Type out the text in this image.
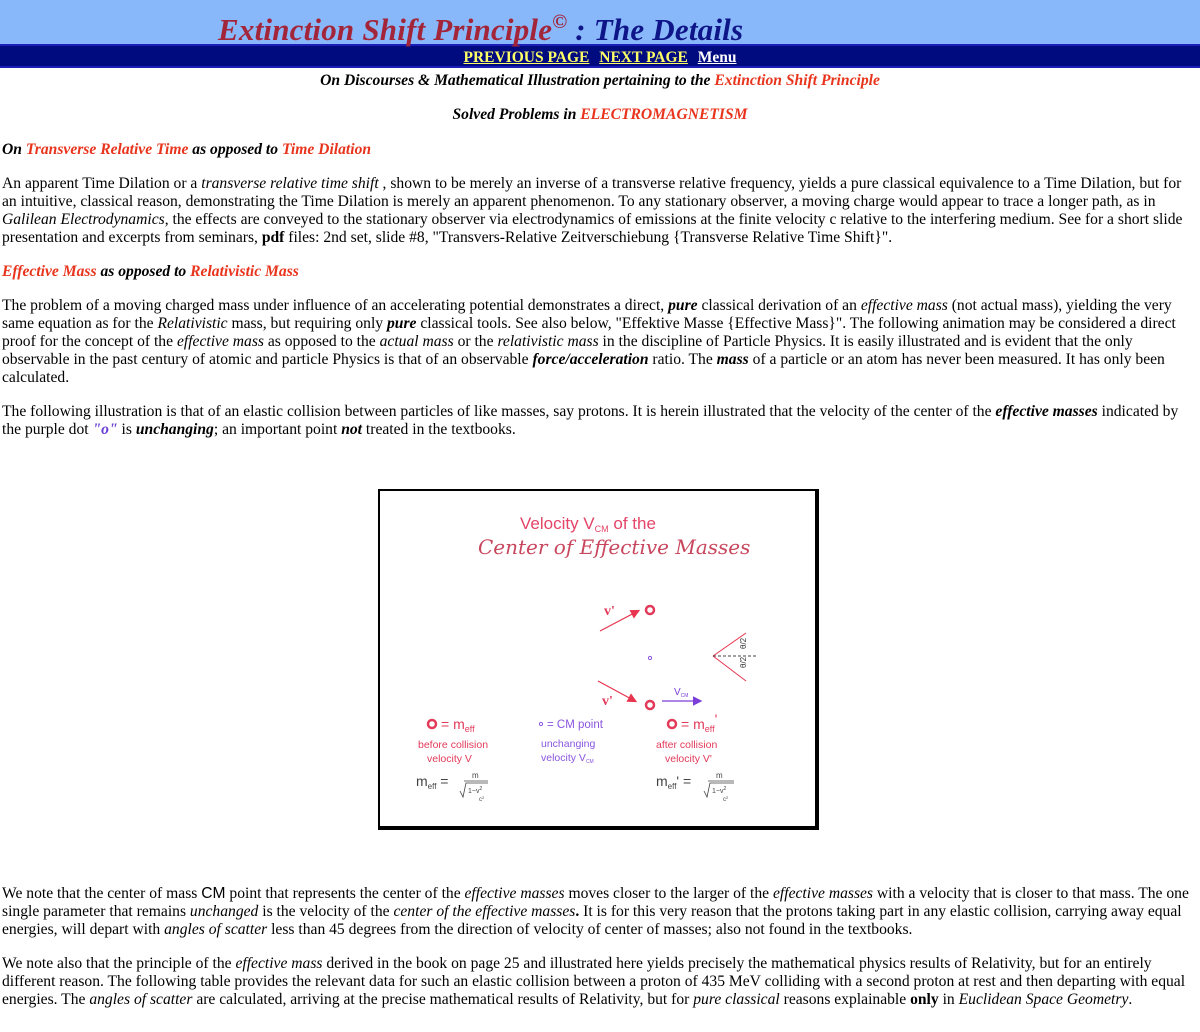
Extinction Shift Principle© : The Details
PREVIOUS PAGE NEXT PAGE Menu
On Discourses & Mathematical Illustration pertaining to the Extinction Shift Principle
Solved Problems in ELECTROMAGNETISM

On Transverse Relative Time as opposed to Time Dilation

An apparent Time Dilation or a transverse relative time shift , shown to be merely an inverse of a transverse relative frequency, yields a pure classical equivalence to a Time Dilation, but for an intuitive, classical reason, demonstrating the Time Dilation is merely an apparent phenomenon. To any stationary observer, a moving charge would appear to trace a longer path, as in Galilean Electrodynamics, the effects are conveyed to the stationary observer via electrodynamics of emissions at the finite velocity c relative to the interfering medium. See for a short slide presentation and excerpts from seminars, pdf files: 2nd set, slide #8, "Transvers-Relative Zeitverschiebung {Transverse Relative Time Shift}".

Effective Mass as opposed to Relativistic Mass

The problem of a moving charged mass under influence of an accelerating potential demonstrates a direct, pure classical derivation of an effective mass (not actual mass), yielding the very same equation as for the Relativistic mass, but requiring only pure classical tools. See also below, "Effektive Masse {Effective Mass}". The following animation may be considered a direct proof for the concept of the effective mass as opposed to the actual mass or the relativistic mass in the discipline of Particle Physics. It is easily illustrated and is evident that the only observable in the past century of atomic and particle Physics is that of an observable force/acceleration ratio. The mass of a particle or an atom has never been measured. It has only been calculated.

The following illustration is that of an elastic collision between particles of like masses, say protons. It is herein illustrated that the velocity of the center of the effective masses indicated by the purple dot "o" is unchanging; an important point not treated in the textbooks.

Velocity VCM of the
Center of Effective Masses
v'
v'
$V_{CM}$
θ/2
θ/2
= $m_{eff}$
before collision
velocity V
$m_{eff}$ =	m
$1-v^2$
$c^2$
= CM point
unchanging
velocity VCM
= $m_{eff}'$
after collision
velocity V'
$m_{eff}'$ =	m
$1-v^2$
$c^2$

We note that the center of mass CM point that represents the center of the effective masses moves closer to the larger of the effective masses with a velocity that is closer to that mass. The one single parameter that remains unchanged is the velocity of the center of the effective masses. It is for this very reason that the protons taking part in any elastic collision, carrying away equal energies, will depart with angles of scatter less than 45 degrees from the direction of velocity of center of masses; also not found in the textbooks.

We note also that the principle of the effective mass derived in the book on page 25 and illustrated here yields precisely the mathematical physics results of Relativity, but for an entirely different reason. The following table provides the relevant data for such an elastic collision between a proton of 435 MeV colliding with a second proton at rest and then departing with equal energies. The angles of scatter are calculated, arriving at the precise mathematical results of Relativity, but for pure classical reasons explainable only in Euclidean Space Geometry.
